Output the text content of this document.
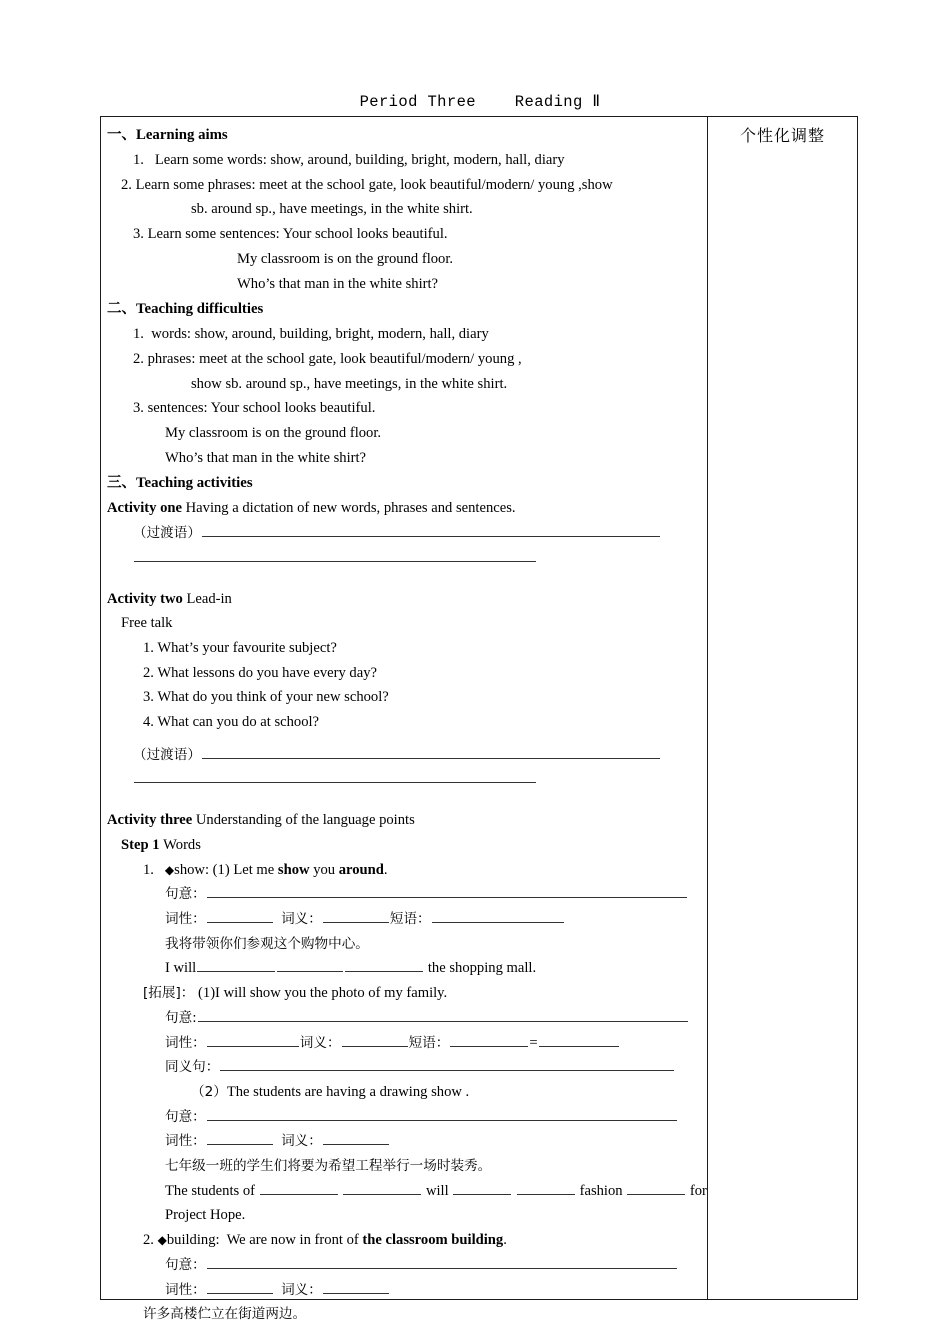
Period Three    Reading Ⅱ
一、Learning aims
1.   Learn some words: show, around, building, bright, modern, hall, diary
2. Learn some phrases: meet at the school gate, look beautiful/modern/ young ,show
sb. around sp., have meetings, in the white shirt.
3. Learn some sentences: Your school looks beautiful.
My classroom is on the ground floor.
Who’s that man in the white shirt?
二、Teaching difficulties
1.  words: show, around, building, bright, modern, hall, diary
2. phrases: meet at the school gate, look beautiful/modern/ young ,
show sb. around sp., have meetings, in the white shirt.
3. sentences: Your school looks beautiful.
My classroom is on the ground floor.
Who’s that man in the white shirt?
三、Teaching activities
Activity one Having a dictation of new words, phrases and sentences.
（过渡语）
Activity two Lead-in
Free talk
1. What’s your favourite subject?
2. What lessons do you have every day?
3. What do you think of your new school?
4. What can you do at school?
（过渡语）
Activity three Understanding of the language points
Step 1 Words
1. ◆show: (1) Let me show you around.
句意：
词性：	词义：	短语：
我将带领你们参观这个购物中心。
I will	the shopping mall.
[拓展]： (1)I will show you the photo of my family.
句意:
词性：	词义：	短语：	=
同义句：
（2）The students are having a drawing show .
句意：
词性：	词义：
七年级一班的学生们将要为希望工程举行一场时装秀。
The students of	will	fashion	for
Project Hope.
2. ◆building:  We are now in front of the classroom building.
句意：
词性：	词义：
许多高楼伫立在街道两边。
个性化调整
